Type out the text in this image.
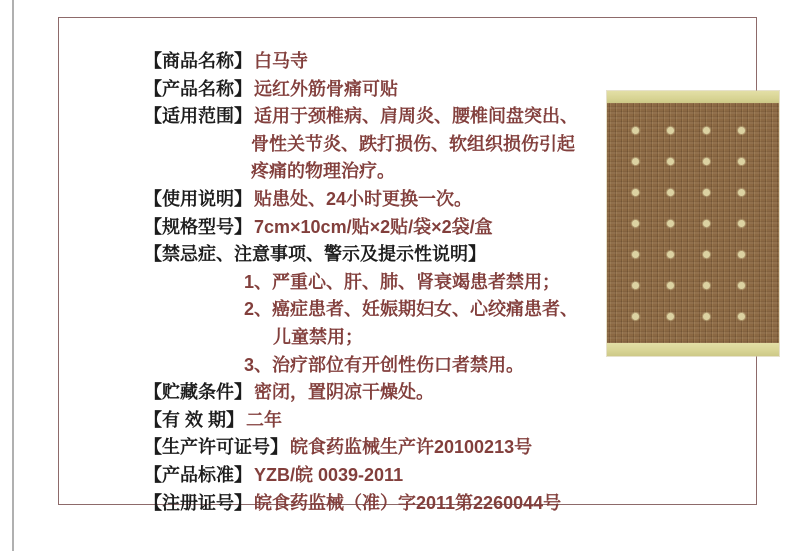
【商品名称】 白马寺
【产品名称】 远红外筋骨痛可贴
【适用范围】 适用于颈椎病、肩周炎、腰椎间盘突出、
骨性关节炎、跌打损伤、软组织损伤引起
疼痛的物理治疗。
【使用说明】 贴患处、24小时更换一次。
【规格型号】 7cm×10cm/贴×2贴/袋×2袋/盒
【禁忌症、注意事项、警示及提示性说明】
1、严重心、肝、肺、肾衰竭患者禁用；
2、癌症患者、妊娠期妇女、心绞痛患者、
儿童禁用；
3、治疗部位有开创性伤口者禁用。
【贮藏条件】 密闭，置阴凉干燥处。
【有 效 期】 二年
【生产许可证号】 皖食药监械生产许20100213号
【产品标准】 YZB/皖 0039-2011
【注册证号】 皖食药监械（准）字2011第2260044号
